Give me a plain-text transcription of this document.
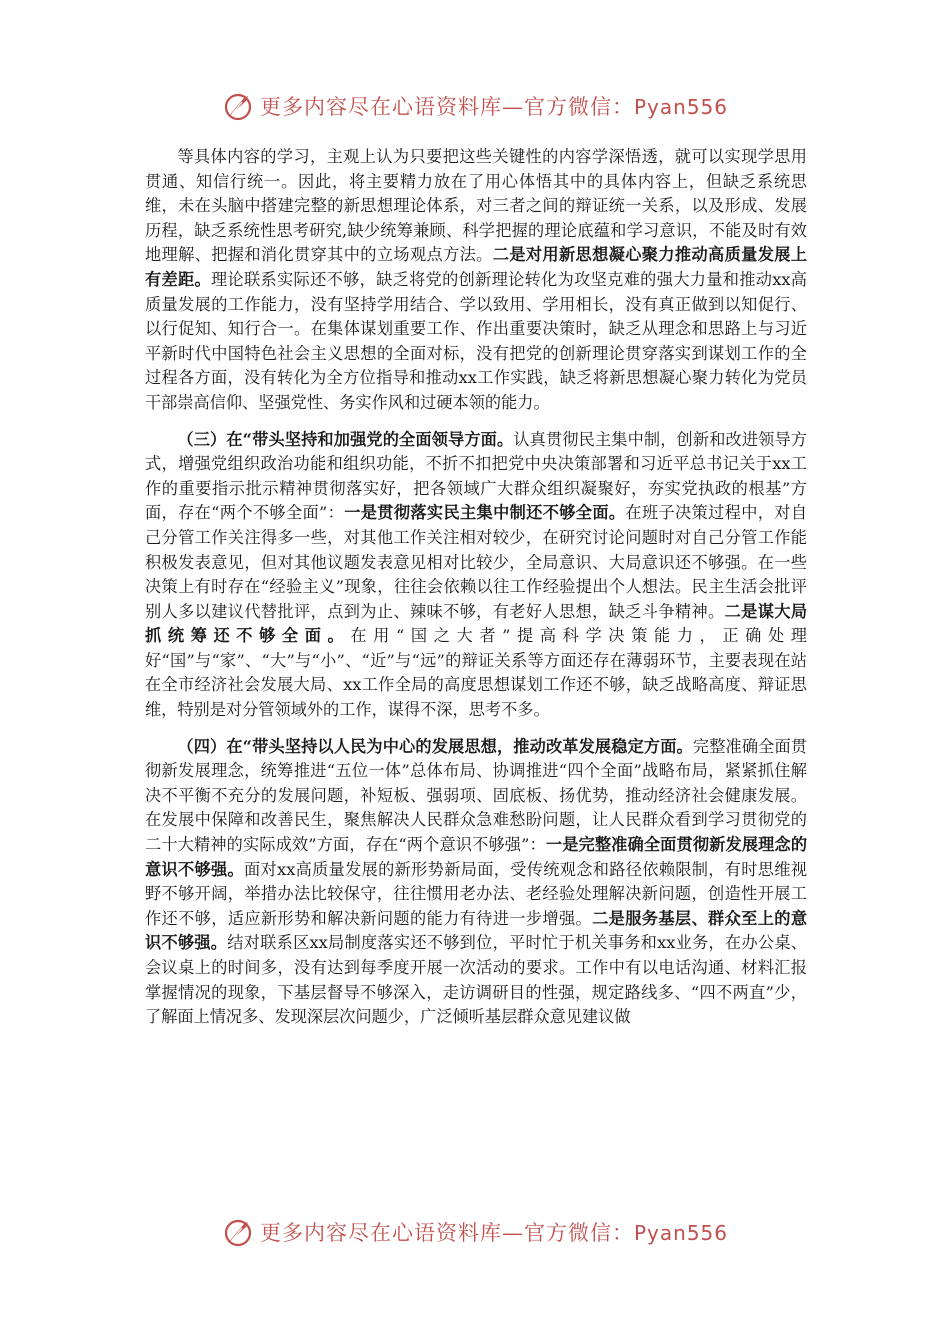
更多内容尽在心语资料库—官方微信：Pyan556

等具体内容的学习，主观上认为只要把这些关键性的内容学深悟透，就可以实现学思用贯通、知信行统一。因此，将主要精力放在了用心体悟其中的具体内容上，但缺乏系统思维，未在头脑中搭建完整的新思想理论体系，对三者之间的辩证统一关系，以及形成、发展历程，缺乏系统性思考研究,缺少统筹兼顾、科学把握的理论底蕴和学习意识，不能及时有效地理解、把握和消化贯穿其中的立场观点方法。二是对用新思想凝心聚力推动高质量发展上有差距。理论联系实际还不够，缺乏将党的创新理论转化为攻坚克难的强大力量和推动xx高质量发展的工作能力，没有坚持学用结合、学以致用、学用相长，没有真正做到以知促行、以行促知、知行合一。在集体谋划重要工作、作出重要决策时，缺乏从理念和思路上与习近平新时代中国特色社会主义思想的全面对标，没有把党的创新理论贯穿落实到谋划工作的全过程各方面，没有转化为全方位指导和推动xx工作实践，缺乏将新思想凝心聚力转化为党员干部崇高信仰、坚强党性、务实作风和过硬本领的能力。

（三）在“带头坚持和加强党的全面领导方面。认真贯彻民主集中制，创新和改进领导方式，增强党组织政治功能和组织功能，不折不扣把党中央决策部署和习近平总书记关于xx工作的重要指示批示精神贯彻落实好，把各领域广大群众组织凝聚好，夯实党执政的根基”方面，存在“两个不够全面”：一是贯彻落实民主集中制还不够全面。在班子决策过程中，对自己分管工作关注得多一些，对其他工作关注相对较少，在研究讨论问题时对自己分管工作能积极发表意见，但对其他议题发表意见相对比较少，全局意识、大局意识还不够强。在一些决策上有时存在“经验主义”现象，往往会依赖以往工作经验提出个人想法。民主生活会批评别人多以建议代替批评，点到为止、辣味不够，有老好人思想，缺乏斗争精神。二是谋大局抓统筹还不够全面。在用“国之大者”提高科学决策能力，正确处理好“国”与“家”、“大”与“小”、“近”与“远”的辩证关系等方面还存在薄弱环节，主要表现在站在全市经济社会发展大局、xx工作全局的高度思想谋划工作还不够，缺乏战略高度、辩证思维，特别是对分管领域外的工作，谋得不深，思考不多。

（四）在“带头坚持以人民为中心的发展思想，推动改革发展稳定方面。完整准确全面贯彻新发展理念，统筹推进“五位一体”总体布局、协调推进“四个全面”战略布局，紧紧抓住解决不平衡不充分的发展问题，补短板、强弱项、固底板、扬优势，推动经济社会健康发展。在发展中保障和改善民生，聚焦解决人民群众急难愁盼问题，让人民群众看到学习贯彻党的二十大精神的实际成效”方面，存在“两个意识不够强”：一是完整准确全面贯彻新发展理念的意识不够强。面对xx高质量发展的新形势新局面，受传统观念和路径依赖限制，有时思维视野不够开阔，举措办法比较保守，往往惯用老办法、老经验处理解决新问题，创造性开展工作还不够，适应新形势和解决新问题的能力有待进一步增强。二是服务基层、群众至上的意识不够强。结对联系区xx局制度落实还不够到位，平时忙于机关事务和xx业务，在办公桌、会议桌上的时间多，没有达到每季度开展一次活动的要求。工作中有以电话沟通、材料汇报掌握情况的现象，下基层督导不够深入，走访调研目的性强，规定路线多、“四不两直”少，了解面上情况多、发现深层次问题少，广泛倾听基层群众意见建议做

更多内容尽在心语资料库—官方微信：Pyan556
